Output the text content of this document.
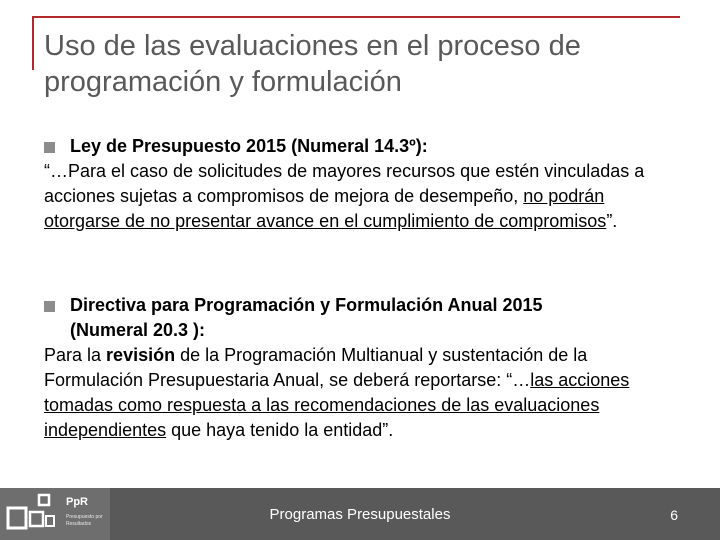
Uso de las evaluaciones en el proceso de
programación y formulación
Ley de Presupuesto 2015 (Numeral 14.3º):

“…Para el caso de solicitudes de mayores recursos que estén vinculadas a acciones sujetas a compromisos de mejora de desempeño, no podrán otorgarse de no presentar avance en el cumplimiento de compromisos”.

Directiva para Programación y Formulación Anual 2015
(Numeral 20.3 ):

Para la revisión de la Programación Multianual y sustentación de la Formulación Presupuestaria Anual, se deberá reportarse: “…las acciones tomadas como respuesta a las recomendaciones de las evaluaciones independientes que haya tenido la entidad”.

PpR
Presupuesto por Resultados
Programas Presupuestales	6
